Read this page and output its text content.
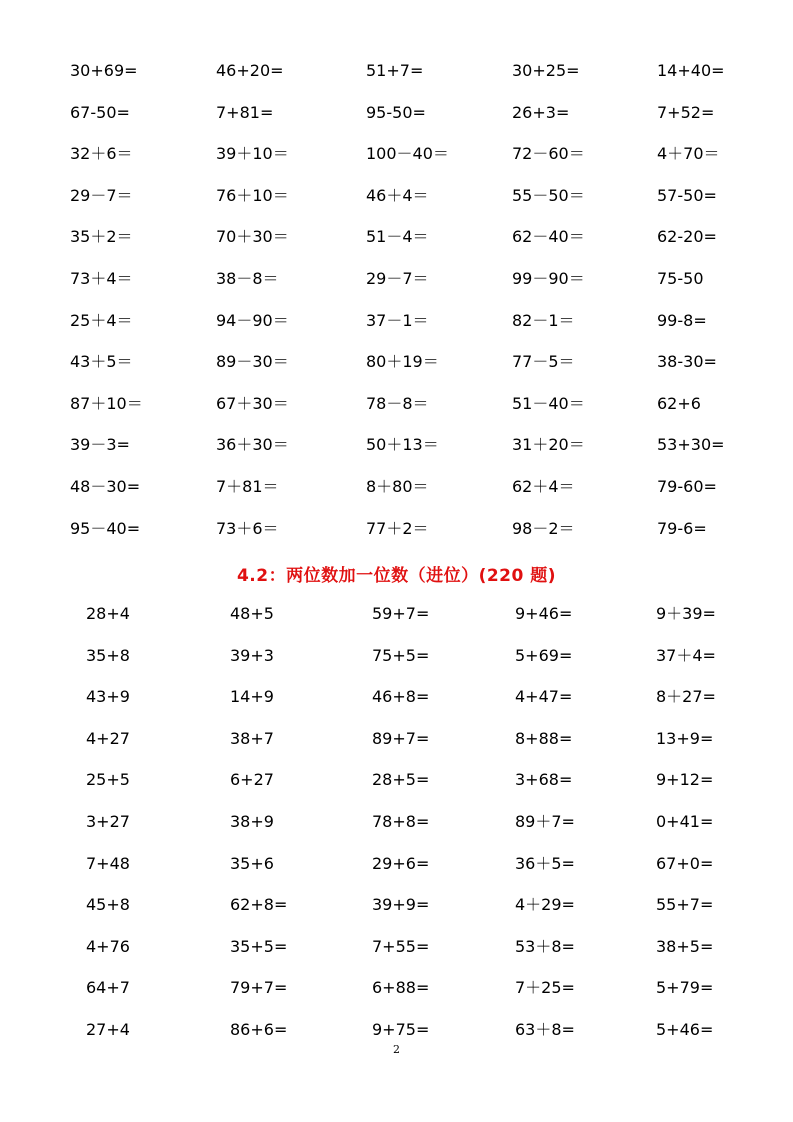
30+69=	46+20=	51+7=	30+25=	14+40=
67-50=	7+81=	95-50=	26+3=	7+52=
32＋6＝	39＋10＝	100－40＝	72－60＝	4＋70＝
29－7＝	76＋10＝	46＋4＝	55－50＝	57-50=
35＋2＝	70＋30＝	51－4＝	62－40＝	62-20=
73＋4＝	38－8＝	29－7＝	99－90＝	75-50
25＋4＝	94－90＝	37－1＝	82－1＝	99-8=
43＋5＝	89－30＝	80＋19＝	77－5＝	38-30=
87＋10＝	67＋30＝	78－8＝	51－40＝	62+6
39－3=	36＋30＝	50＋13＝	31＋20＝	53+30=
48－30=	7＋81＝	8＋80＝	62＋4＝	79-60=
95－40=	73＋6＝	77＋2＝	98－2＝	79-6=
4.2：两位数加一位数（进位）(220 题)
28+4	48+5	59+7=	9+46=	9＋39=
35+8	39+3	75+5=	5+69=	37＋4=
43+9	14+9	46+8=	4+47=	8＋27=
4+27	38+7	89+7=	8+88=	13+9=
25+5	6+27	28+5=	3+68=	9+12=
3+27	38+9	78+8=	89＋7=	0+41=
7+48	35+6	29+6=	36＋5=	67+0=
45+8	62+8=	39+9=	4＋29=	55+7=
4+76	35+5=	7+55=	53＋8=	38+5=
64+7	79+7=	6+88=	7＋25=	5+79=
27+4	86+6=	9+75=	63＋8=	5+46=
2
